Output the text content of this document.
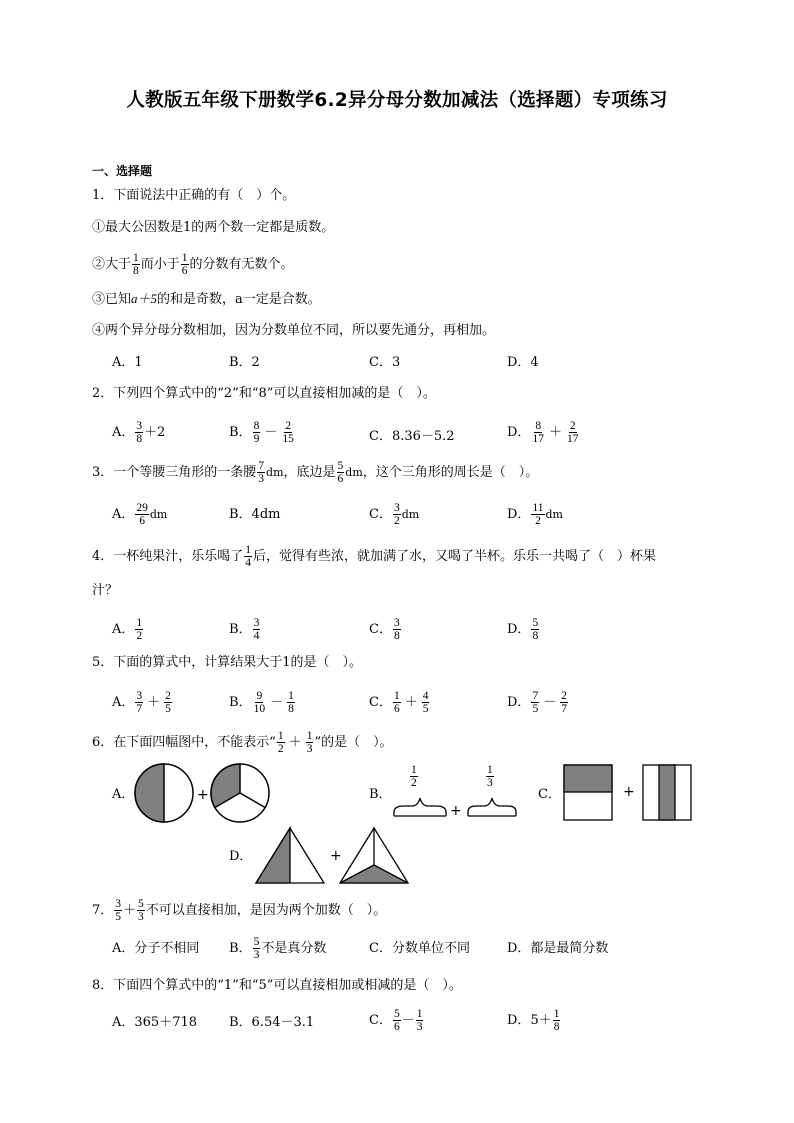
人教版五年级下册数学6.2异分母分数加减法（选择题）专项练习
一、选择题
1．下面说法中正确的有（　）个。
①最大公因数是1的两个数一定都是质数。
②大于 $\frac{1}{8}$ 而小于 $\frac{1}{6}$ 的分数有无数个。
③已知a＋5的和是奇数，a一定是合数。
④两个异分母分数相加，因为分数单位不同，所以要先通分，再相加。
A．1	B．2	C．3	D．4
2．下列四个算式中的“2”和“8”可以直接相加减的是（　）。
A． $\frac{3}{8} +2$	B． $\frac{8}{9} - \frac{2}{15}$	C．8.36－5.2	D． $\frac{8}{17} + \frac{2}{17}$
3．一个等腰三角形的一条腰 $\frac{7}{3}$ dm，底边是 $\frac{5}{6}$ dm，这个三角形的周长是（　）。
A． $\frac{29}{6}$ dm	B．4dm	C． $\frac{3}{2}$ dm	D． $\frac{11}{2}$ dm
4．一杯纯果汁，乐乐喝了 $\frac{1}{4}$ 后，觉得有些浓，就加满了水，又喝了半杯。乐乐一共喝了（　）杯果
汁？
A． $\frac{1}{2}$	B． $\frac{3}{4}$	C． $\frac{3}{8}$	D． $\frac{5}{8}$
5．下面的算式中，计算结果大于1的是（　）。
A． $\frac{3}{7} + \frac{2}{5}$	B． $\frac{9}{10} - \frac{1}{8}$	C． $\frac{1}{6} + \frac{4}{5}$	D． $\frac{7}{5} - \frac{2}{7}$
6．在下面四幅图中，不能表示“ $\frac{1}{2} + \frac{1}{3}$ ”的是（　）。
A．	+	B．
$\frac{1}{2}$	$\frac{1}{3}$
+
C．	+
D．	+
7． $\frac{3}{5} + \frac{5}{3}$ 不可以直接相加，是因为两个加数（　）。
A．分子不相同 B． $\frac{5}{3}$ 不是真分数	C．分数单位不同	D．都是最简分数
8．下面四个算式中的“1”和“5”可以直接相加或相减的是（　）。
A．365＋718 B．6.54－3.1	C． $\frac{5}{6} - \frac{1}{3}$	D．$5+ \frac{1}{8}$
